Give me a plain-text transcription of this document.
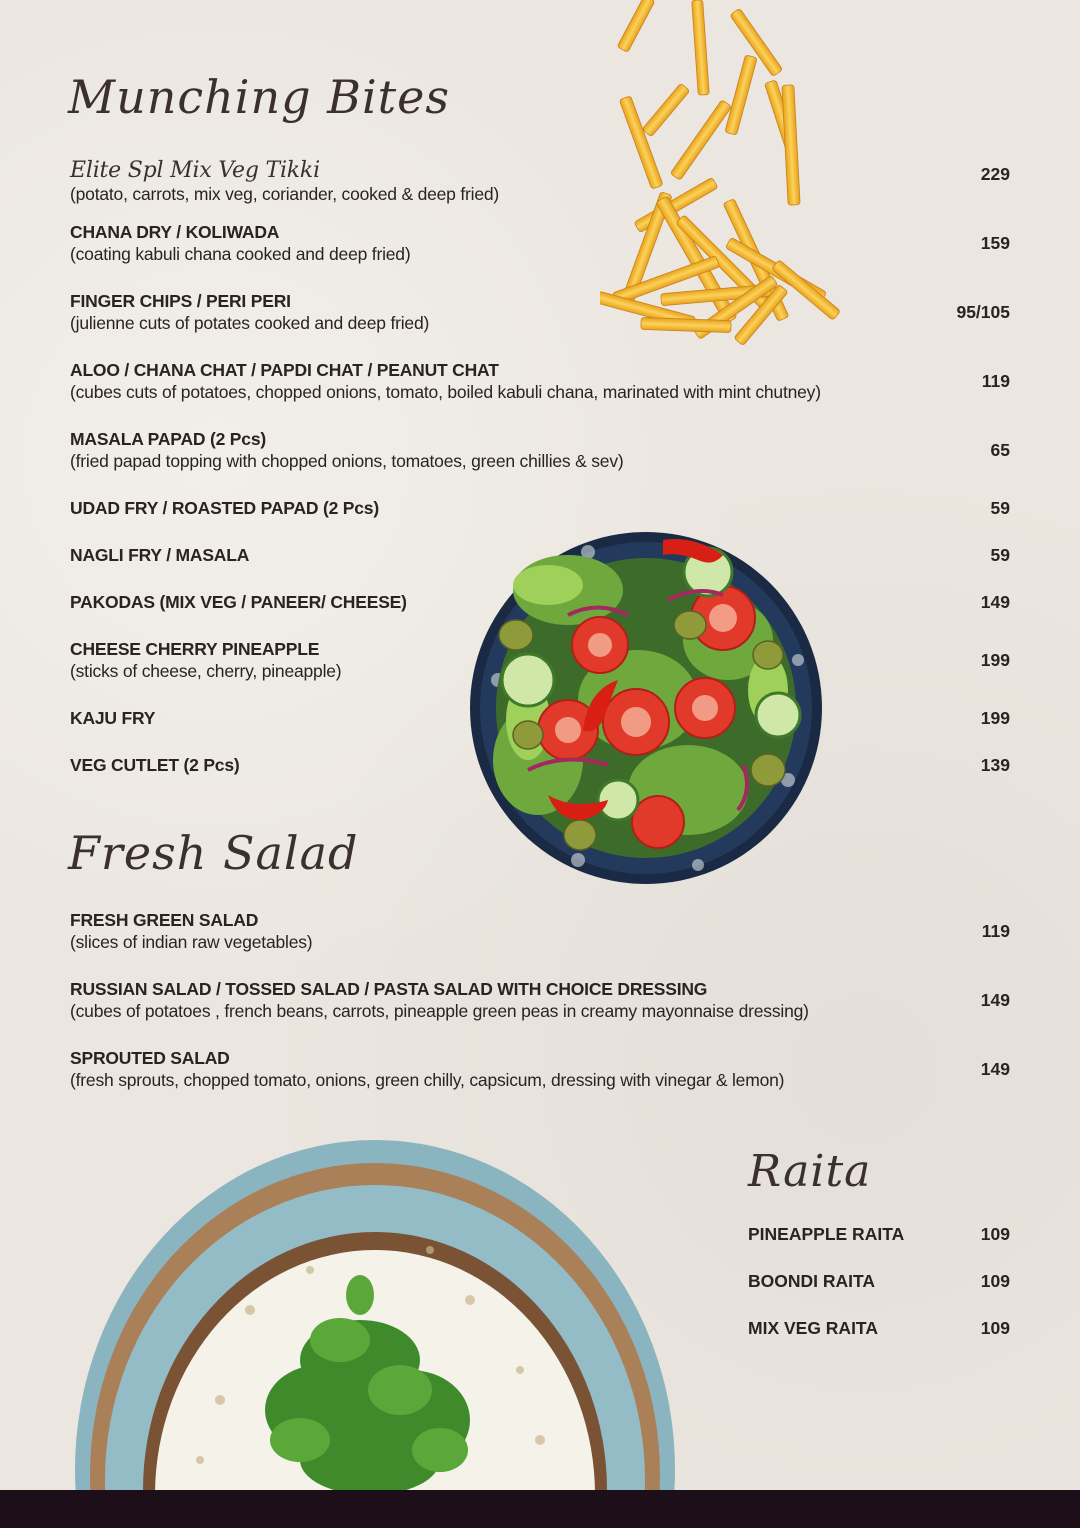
Munching Bites

Elite Spl Mix Veg Tikki

(potato, carrots, mix veg, coriander, cooked & deep fried)

229

CHANA DRY / KOLIWADA

(coating kabuli chana cooked and deep fried)

159

FINGER CHIPS / PERI PERI

(julienne cuts of potates cooked and deep fried)

95/105

ALOO / CHANA CHAT / PAPDI CHAT / PEANUT CHAT

(cubes cuts of potatoes, chopped onions, tomato, boiled kabuli chana, marinated with mint chutney)

119

MASALA PAPAD (2 Pcs)

(fried papad topping with chopped onions, tomatoes, green chillies & sev)

65

UDAD FRY / ROASTED PAPAD (2 Pcs)	59

NAGLI FRY / MASALA	59

PAKODAS (MIX VEG / PANEER/ CHEESE)	149

CHEESE CHERRY PINEAPPLE

(sticks of cheese, cherry, pineapple)

199

KAJU FRY	199

VEG CUTLET (2 Pcs)	139

Fresh Salad

FRESH GREEN SALAD

(slices of indian raw vegetables)

119

RUSSIAN SALAD / TOSSED SALAD / PASTA SALAD WITH CHOICE DRESSING

(cubes of potatoes , french beans, carrots, pineapple green peas in creamy mayonnaise dressing)

149

SPROUTED SALAD

(fresh sprouts, chopped tomato, onions, green chilly, capsicum, dressing with vinegar & lemon)

149

Raita

PINEAPPLE RAITA	109

BOONDI RAITA	109

MIX VEG RAITA	109
